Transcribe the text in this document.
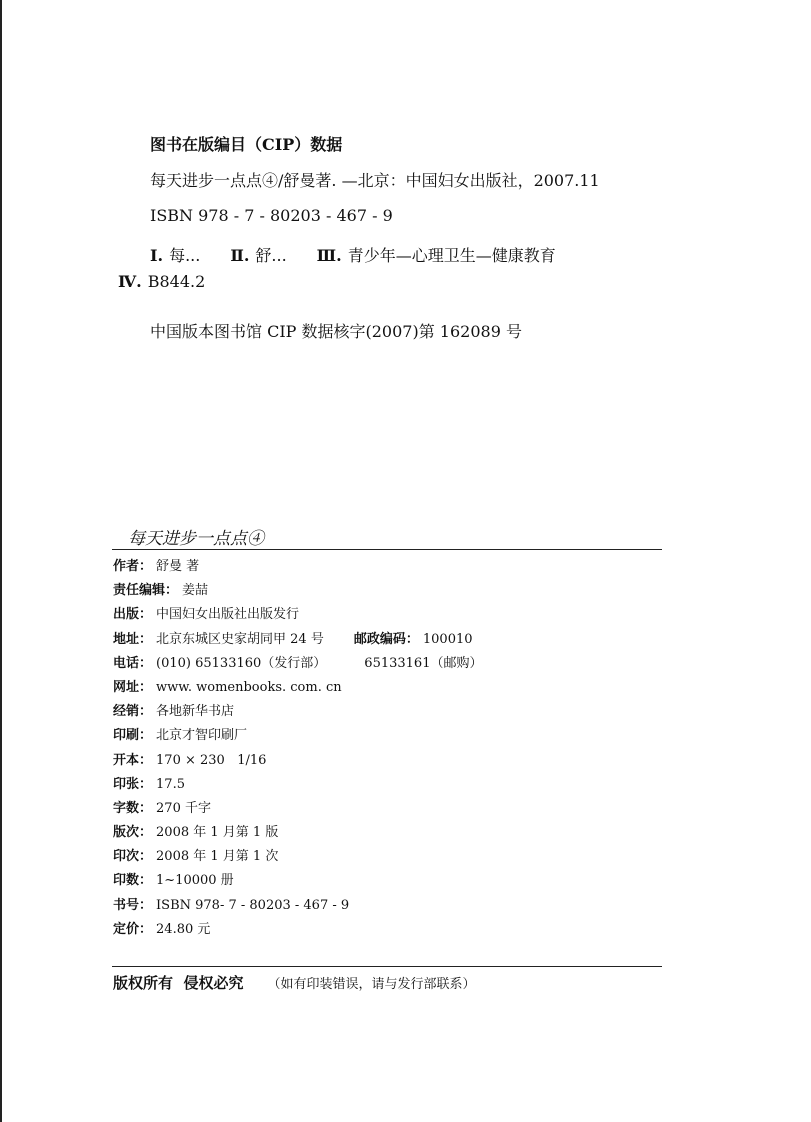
图书在版编目（CIP）数据
每天进步一点点④/舒曼著. —北京：中国妇女出版社，2007.11
ISBN 978 - 7 - 80203 - 467 - 9
Ⅰ. 每... Ⅱ. 舒... Ⅲ. 青少年—心理卫生—健康教育
Ⅳ. B844.2
中国版本图书馆 CIP 数据核字(2007)第 162089 号
每天进步一点点④
作者： 舒曼 著
责任编辑： 姜喆
出版： 中国妇女出版社出版发行
地址： 北京东城区史家胡同甲 24 号 邮政编码： 100010
电话： (010) 65133160（发行部）	65133161（邮购）
网址： www. womenbooks. com. cn
经销： 各地新华书店
印刷： 北京才智印刷厂
开本： 170 × 230   1/16
印张： 17.5
字数： 270 千字
版次： 2008 年 1 月第 1 版
印次： 2008 年 1 月第 1 次
印数： 1~10000 册
书号： ISBN 978- 7 - 80203 - 467 - 9
定价： 24.80 元
版权所有  侵权必究 （如有印装错误，请与发行部联系）
